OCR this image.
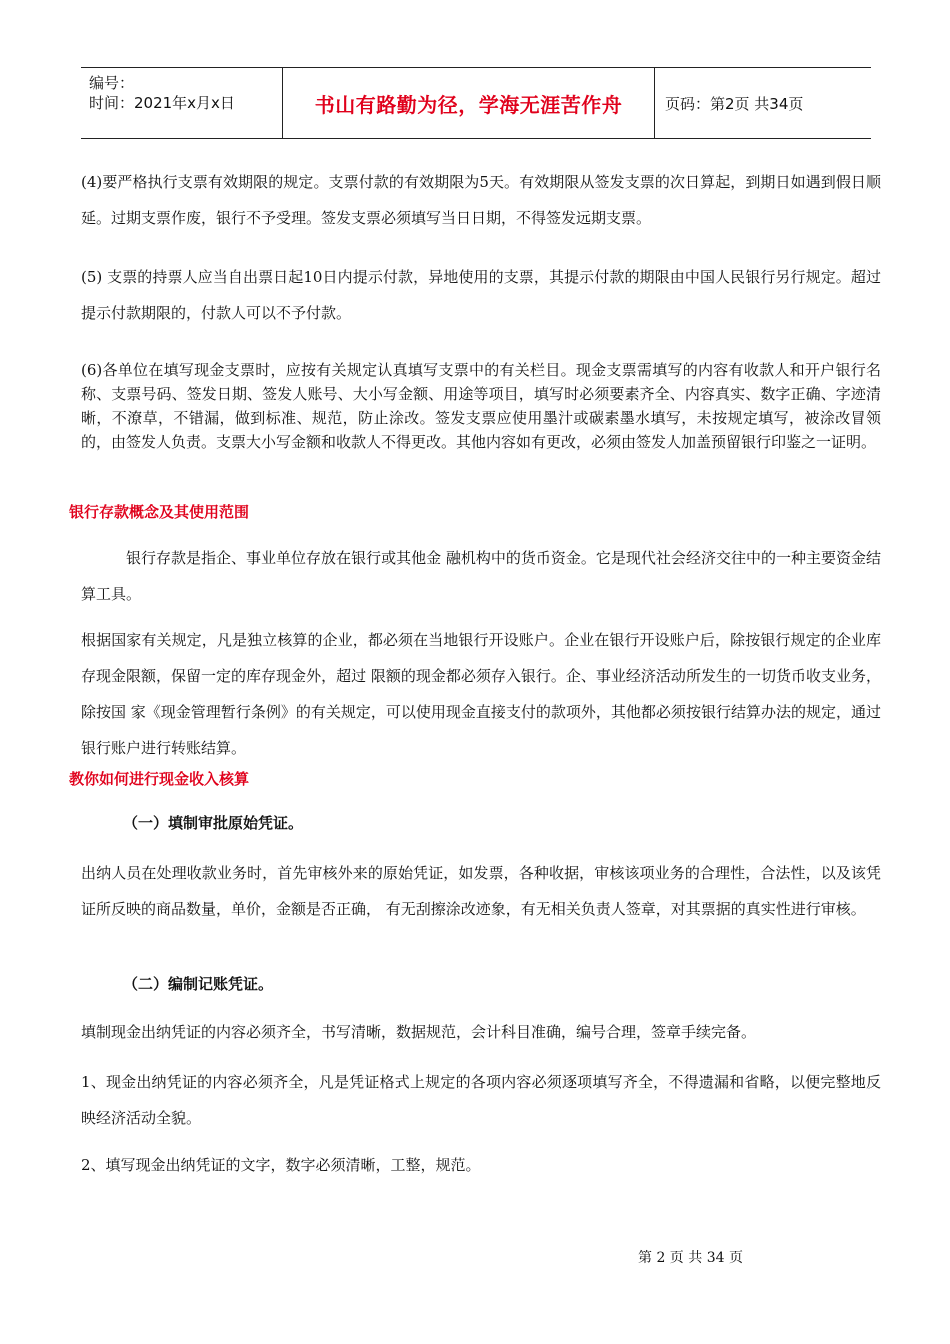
编号：
时间：2021年x月x日	书山有路勤为径，学海无涯苦作舟	页码：第2页 共34页
(4)要严格执行支票有效期限的规定。支票付款的有效期限为5天。有效期限从签发支票的次日算起，到期日如遇到假日顺延。过期支票作废，银行不予受理。签发支票必须填写当日日期，不得签发远期支票。
(5) 支票的持票人应当自出票日起10日内提示付款，异地使用的支票，其提示付款的期限由中国人民银行另行规定。超过提示付款期限的，付款人可以不予付款。
(6)各单位在填写现金支票时，应按有关规定认真填写支票中的有关栏目。现金支票需填写的内容有收款人和开户银行名称、支票号码、签发日期、签发人账号、大小写金额、用途等项目，填写时必须要素齐全、内容真实、数字正确、字迹清晰，不潦草，不错漏，做到标准、规范，防止涂改。签发支票应使用墨汁或碳素墨水填写，未按规定填写，被涂改冒领的，由签发人负责。支票大小写金额和收款人不得更改。其他内容如有更改，必须由签发人加盖预留银行印鉴之一证明。
银行存款概念及其使用范围
银行存款是指企、事业单位存放在银行或其他金 融机构中的货币资金。它是现代社会经济交往中的一种主要资金结算工具。
根据国家有关规定，凡是独立核算的企业，都必须在当地银行开设账户。企业在银行开设账户后，除按银行规定的企业库存现金限额，保留一定的库存现金外，超过 限额的现金都必须存入银行。企、事业经济活动所发生的一切货币收支业务，除按国 家《现金管理暂行条例》的有关规定，可以使用现金直接支付的款项外，其他都必须按银行结算办法的规定，通过银行账户进行转账结算。
教你如何进行现金收入核算
（一）填制审批原始凭证。
出纳人员在处理收款业务时，首先审核外来的原始凭证，如发票，各种收据，审核该项业务的合理性，合法性，以及该凭证所反映的商品数量，单价，金额是否正确， 有无刮擦涂改迹象，有无相关负责人签章，对其票据的真实性进行审核。
（二）编制记账凭证。
填制现金出纳凭证的内容必须齐全，书写清晰，数据规范，会计科目准确，编号合理，签章手续完备。
1、现金出纳凭证的内容必须齐全，凡是凭证格式上规定的各项内容必须逐项填写齐全，不得遗漏和省略，以便完整地反映经济活动全貌。
2、填写现金出纳凭证的文字，数字必须清晰，工整，规范。
第 2 页 共 34 页
